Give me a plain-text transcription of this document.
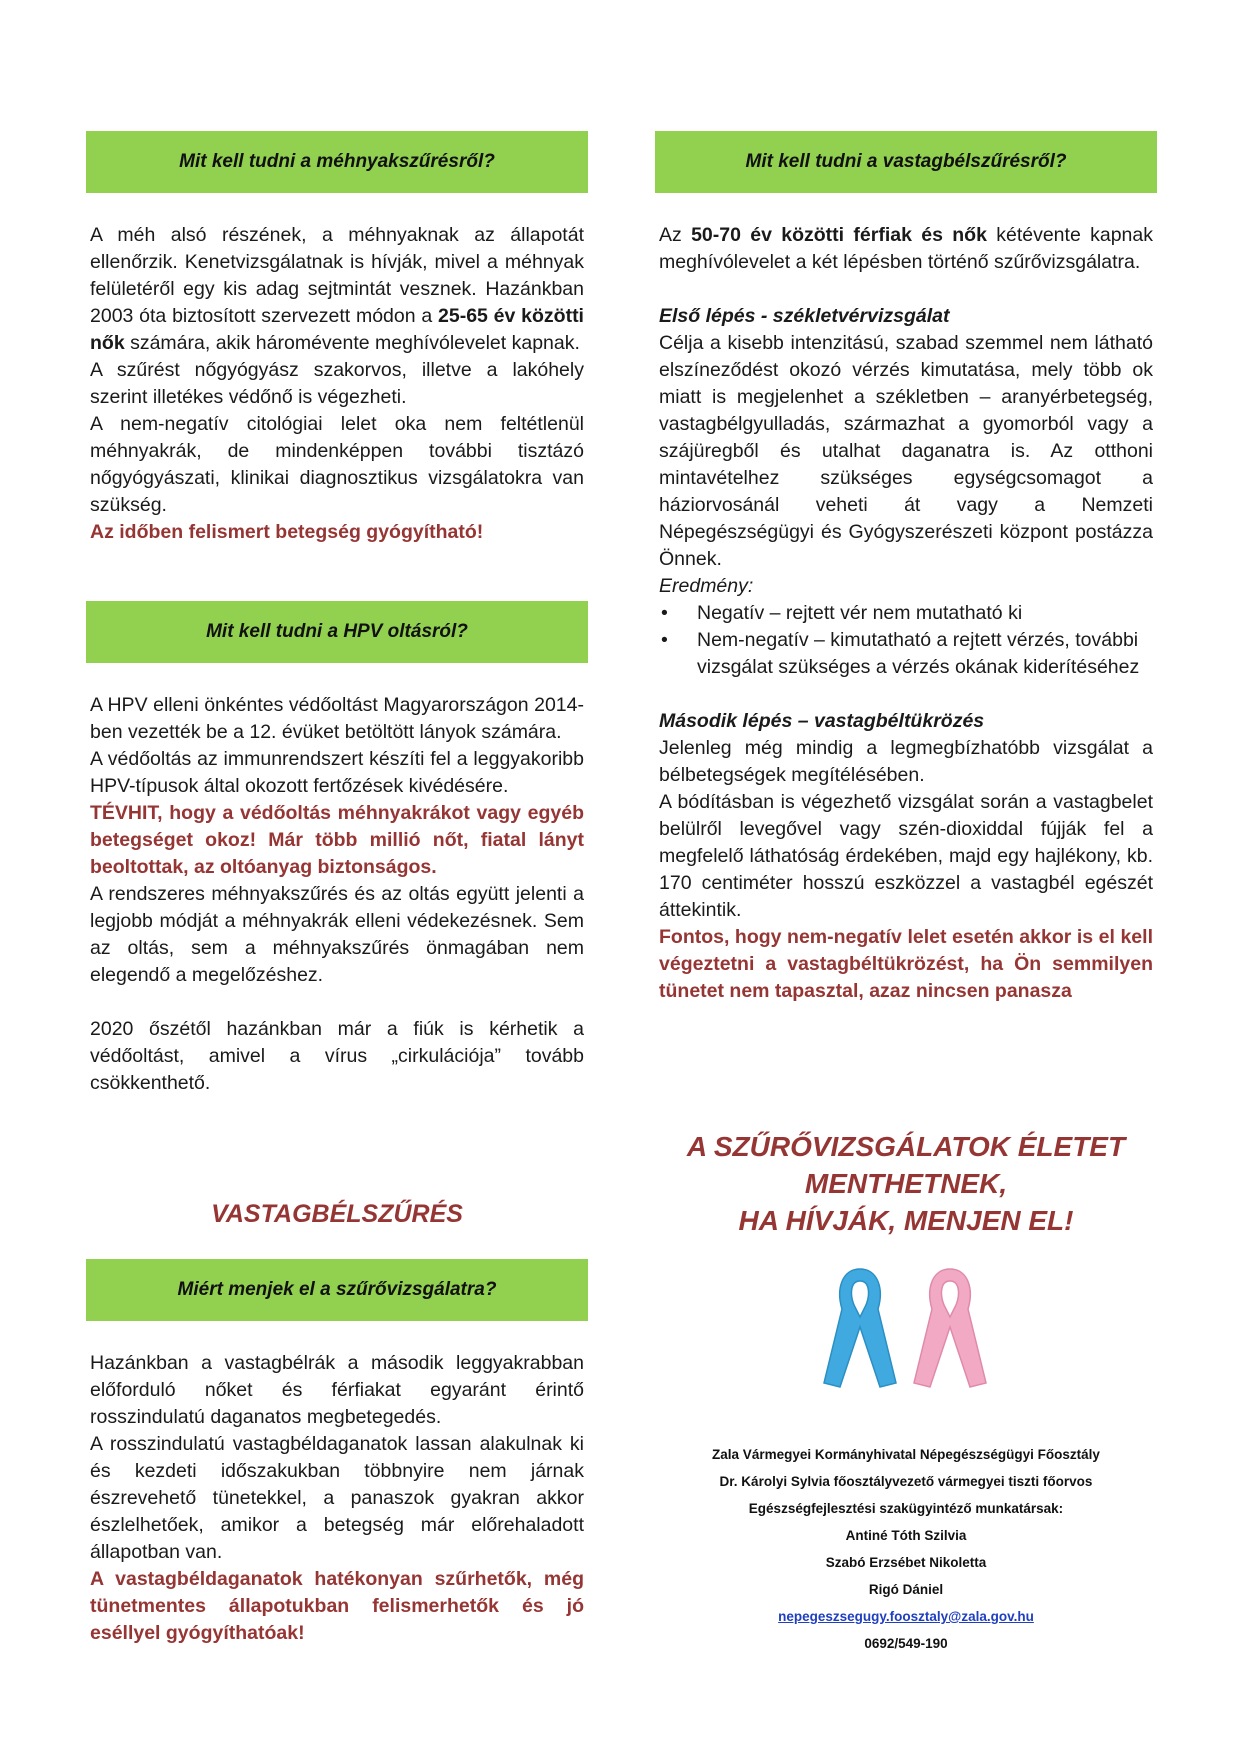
Mit kell tudni a méhnyakszűrésről?

A méh alsó részének, a méhnyaknak az állapotát ellenőrzik. Kenetvizsgálatnak is hívják, mivel a méhnyak felületéről egy kis adag sejtmintát vesznek. Hazánkban 2003 óta biztosított szervezett módon a 25-65 év közötti nők számára, akik háromévente meghívólevelet kapnak.

A szűrést nőgyógyász szakorvos, illetve a lakóhely szerint illetékes védőnő is végezheti.

A nem-negatív citológiai lelet oka nem feltétlenül méhnyakrák, de mindenképpen további tisztázó nőgyógyászati, klinikai diagnosztikus vizsgálatokra van szükség.

Az időben felismert betegség gyógyítható!

Mit kell tudni a HPV oltásról?

A HPV elleni önkéntes védőoltást Magyarországon 2014-ben vezették be a 12. évüket betöltött lányok számára.

A védőoltás az immunrendszert készíti fel a leggyakoribb HPV-típusok által okozott fertőzések kivédésére.

TÉVHIT, hogy a védőoltás méhnyakrákot vagy egyéb betegséget okoz! Már több millió nőt, fiatal lányt beoltottak, az oltóanyag biztonságos.

A rendszeres méhnyakszűrés és az oltás együtt jelenti a legjobb módját a méhnyakrák elleni védekezésnek. Sem az oltás, sem a méhnyakszűrés önmagában nem elegendő a megelőzéshez.

2020 őszétől hazánkban már a fiúk is kérhetik a védőoltást, amivel a vírus „cirkulációja” tovább csökkenthető.

VASTAGBÉLSZŰRÉS
Miért menjek el a szűrővizsgálatra?

Hazánkban a vastagbélrák a második leggyakrabban előforduló nőket és férfiakat egyaránt érintő rosszindulatú daganatos megbetegedés.

A rosszindulatú vastagbéldaganatok lassan alakulnak ki és kezdeti időszakukban többnyire nem járnak észrevehető tünetekkel, a panaszok gyakran akkor észlelhetőek, amikor a betegség már előrehaladott állapotban van.

A vastagbéldaganatok hatékonyan szűrhetők, még tünetmentes állapotukban felismerhetők és jó eséllyel gyógyíthatóak!

Mit kell tudni a vastagbélszűrésről?

Az 50-70 év közötti férfiak és nők kétévente kapnak meghívólevelet a két lépésben történő szűrővizsgálatra.

Első lépés - székletvérvizsgálat

Célja a kisebb intenzitású, szabad szemmel nem látható elszíneződést okozó vérzés kimutatása, mely több ok miatt is megjelenhet a székletben – aranyérbetegség, vastagbélgyulladás, származhat a gyomorból vagy a szájüregből és utalhat daganatra is. Az otthoni mintavételhez szükséges egységcsomagot a háziorvosánál veheti át vagy a Nemzeti Népegészségügyi és Gyógyszerészeti központ postázza Önnek.

Eredmény:

• Negatív – rejtett vér nem mutatható ki
• Nem-negatív – kimutatható a rejtett vérzés, további vizsgálat szükséges a vérzés okának kiderítéséhez

Második lépés – vastagbéltükrözés

Jelenleg még mindig a legmegbízhatóbb vizsgálat a bélbetegségek megítélésében.

A bódításban is végezhető vizsgálat során a vastagbelet belülről levegővel vagy szén-dioxiddal fújják fel a megfelelő láthatóság érdekében, majd egy hajlékony, kb. 170 centiméter hosszú eszközzel a vastagbél egészét áttekintik.

Fontos, hogy nem-negatív lelet esetén akkor is el kell végeztetni a vastagbéltükrözést, ha Ön semmilyen tünetet nem tapasztal, azaz nincsen panasza

A SZŰRŐVIZSGÁLATOK ÉLETET
MENTHETNEK,
HA HÍVJÁK, MENJEN EL!
Zala Vármegyei Kormányhivatal Népegészségügyi Főosztály
Dr. Károlyi Sylvia főosztályvezető vármegyei tiszti főorvos
Egészségfejlesztési szakügyintéző munkatársak:
Antiné Tóth Szilvia
Szabó Erzsébet Nikoletta
Rigó Dániel
nepegeszsegugy.foosztaly@zala.gov.hu
0692/549-190
